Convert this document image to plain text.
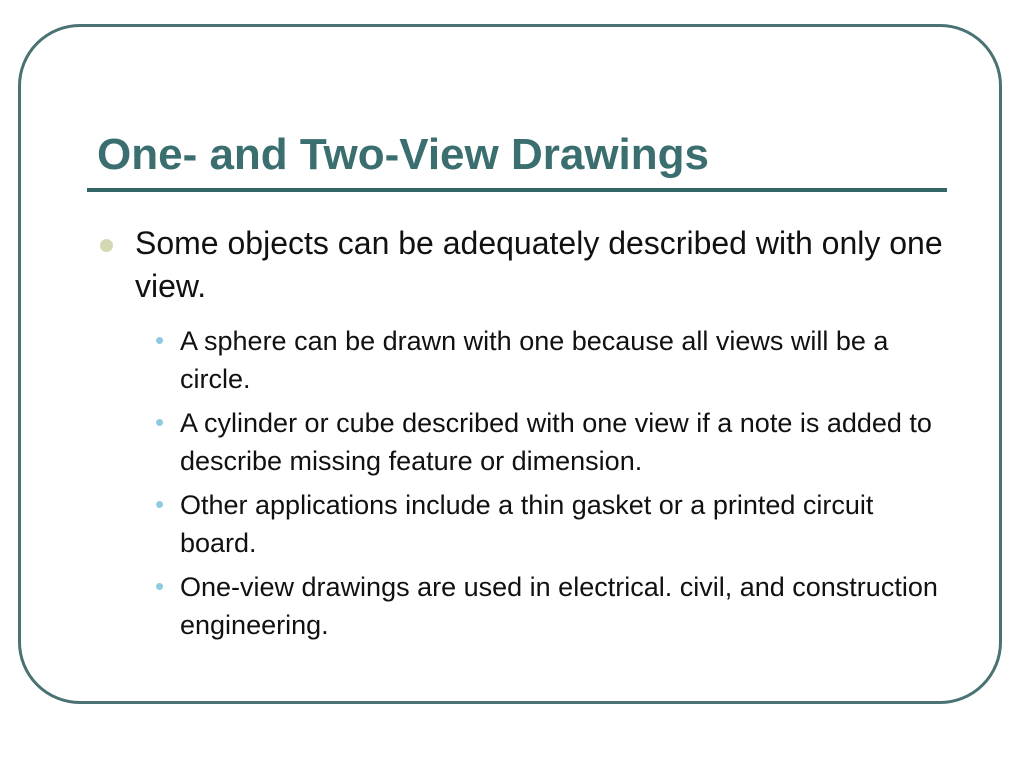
One- and Two-View Drawings
Some objects can be adequately described with only one view.
• A sphere can be drawn with one because all views will be a circle.
• A cylinder or cube described with one view if a note is added to describe missing feature or dimension.
• Other applications include a thin gasket or a printed circuit board.
• One-view drawings are used in electrical. civil, and construction engineering.
